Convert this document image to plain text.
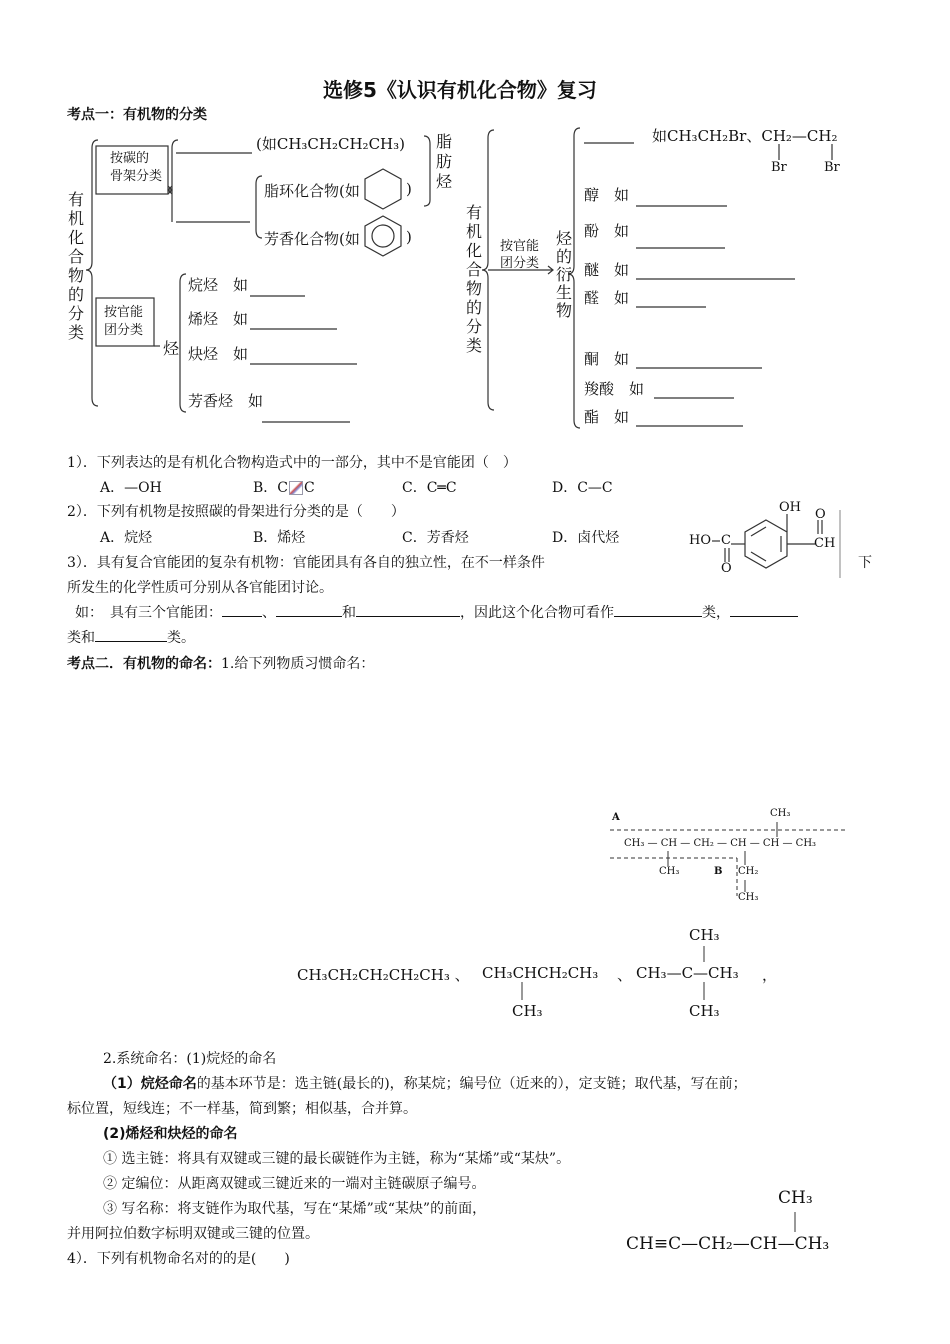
选修5《认识有机化合物》复习
考点一：有机物的分类
有
机
化
合
物
的
分
类
按碳的
骨架分类
(如CH₃CH₂CH₂CH₃)
脂环化合物(如
芳香化合物(如
)
)
脂
肪
烃
按官能
团分类
烃
烷烃　如
烯烃　如
炔烃　如
芳香烃　如
有
机
化
合
物
的
分
类
按官能
团分类
烃
的
衍
生
物
如CH₃CH₂Br、CH₂—CH₂
Br	Br
醇　如
酚　如
醚　如
醛　如
酮　如
羧酸　如
酯　如
1）．下列表达的是有机化合物构造式中的一部分，其中不是官能团（　）
A．—OH	B．C C	C．C═C	D．C—C
2）．下列有机物是按照碳的骨架进行分类的是（　　）
A．烷烃	B．烯烃	C．芳香烃	D．卤代烃
OH
HO C
O
O
CH
3）．具有复合官能团的复杂有机物：官能团具有各自的独立性，在不一样条件	下
所发生的化学性质可分别从各官能团讨论。
如：　具有三个官能团：	、	和	，因此这个化合物可看作	类，
类和	类。
考点二．有机物的命名：1.给下列物质习惯命名：
A
B
CH₃
CH₃ — CH — CH₂ — CH — CH — CH₃
CH₃	CH₂
CH₃
CH₃CH₂CH₂CH₂CH₃ 、 CH₃CHCH₂CH₃
CH₃
、 CH₃—C—CH₃
CH₃
CH₃
，
2.系统命名：(1)烷烃的命名
（1）烷烃命名的基本环节是：选主链(最长的)，称某烷；编号位（近来的），定支链；取代基，写在前；
标位置，短线连；不一样基，简到繁；相似基，合并算。
(2)烯烃和炔烃的命名
① 选主链：将具有双键或三键的最长碳链作为主链，称为“某烯”或“某炔”。
② 定编位：从距离双键或三键近来的一端对主链碳原子编号。
③ 写名称：将支链作为取代基，写在“某烯”或“某炔”的前面，
并用阿拉伯数字标明双键或三键的位置。
4）．下列有机物命名对的的是(　　)
CH₃
CH≡C—CH₂—CH—CH₃
